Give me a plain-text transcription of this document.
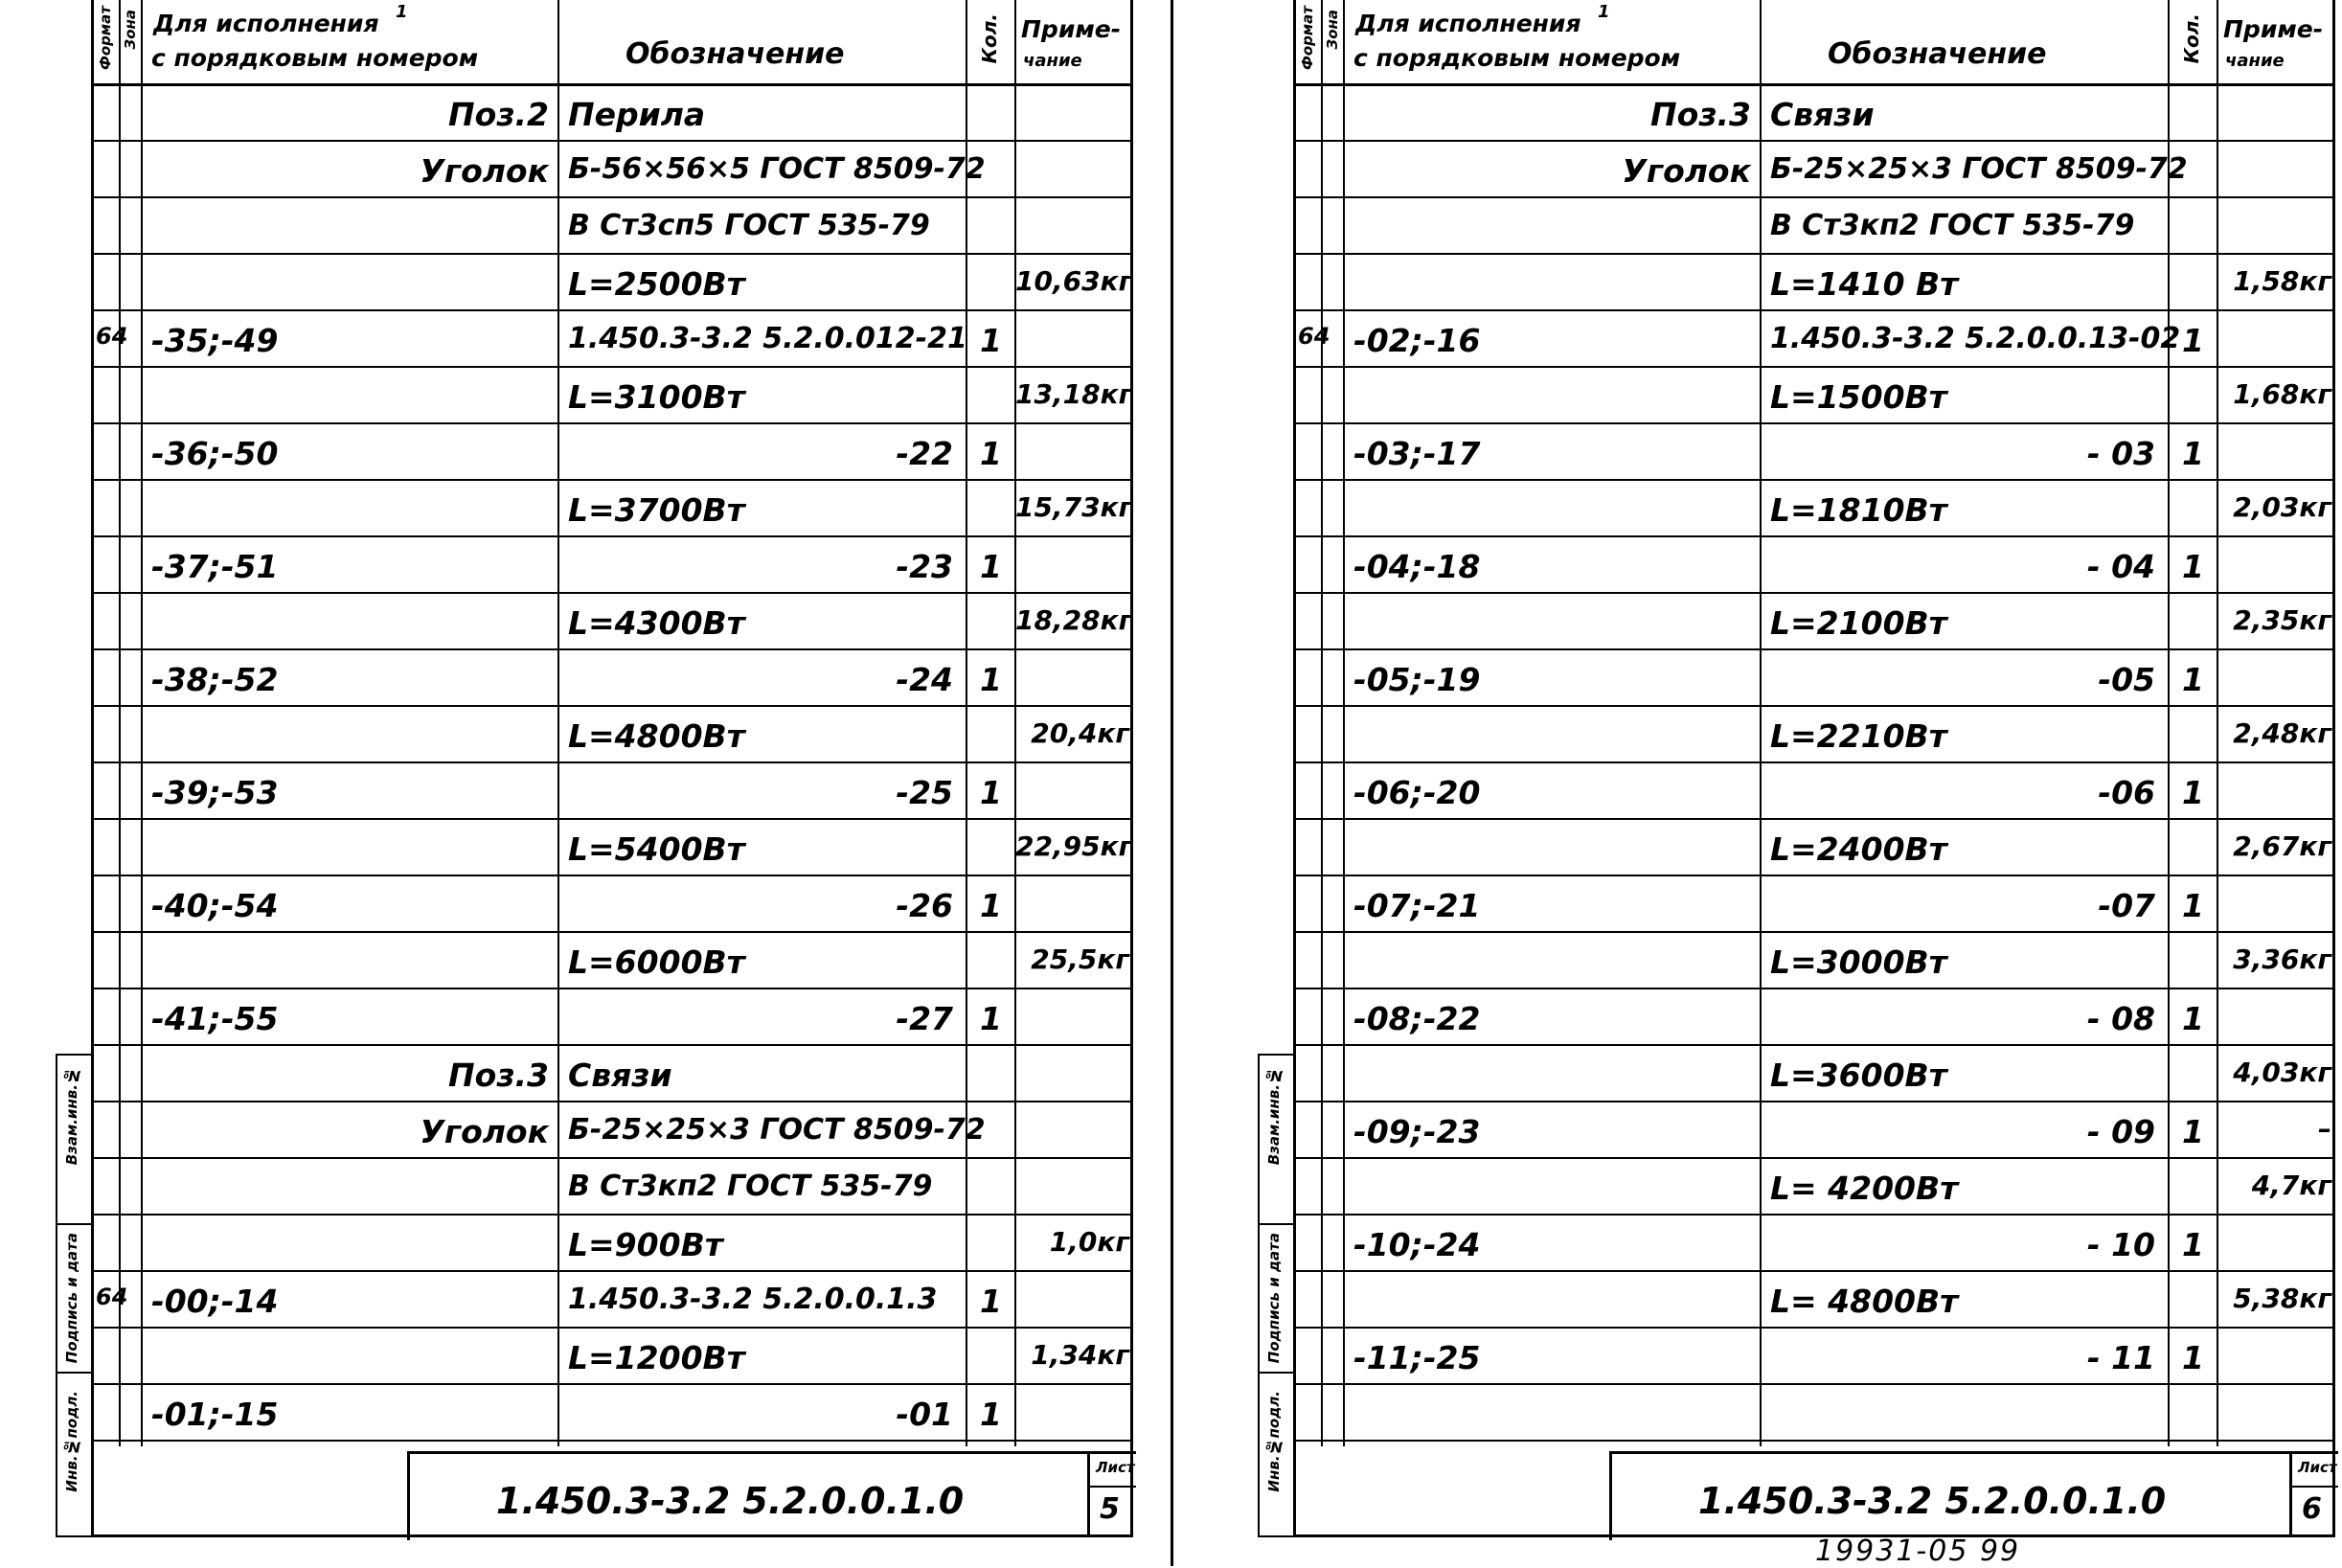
Формат Зона Для исполнения 1
с порядковым номером	Обозначение	Кол. Приме-
чание
Поз.2 Перила
Уголок Б-56×56×5 ГОСТ 8509-72
В Ст3сп5 ГОСТ 535-79
L=2500Вт	10,63кг
64 -35;-49	1.450.3-3.2 5.2.0.012-21 1
L=3100Вт	13,18кг
-36;-50	-22 1
L=3700Вт	15,73кг
-37;-51	-23 1
L=4300Вт	18,28кг
-38;-52	-24 1
L=4800Вт	20,4кг
-39;-53	-25 1
L=5400Вт	22,95кг
-40;-54	-26 1
L=6000Вт	25,5кг
-41;-55	-27 1
Поз.3 Связи
Уголок Б-25×25×3 ГОСТ 8509-72
В Ст3кп2 ГОСТ 535-79
L=900Вт	1,0кг
64 -00;-14	1.450.3-3.2 5.2.0.0.1.3 1
L=1200Вт	1,34кг
-01;-15	-01 1
1.450.3-3.2 5.2.0.0.1.0
Лист
5
Инв.№подл.
Подпись и дата
Взам.инв.№
Формат Зона Для исполнения 1
с порядковым номером	Обозначение	Кол. Приме-
чание
Поз.3 Связи
Уголок Б-25×25×3 ГОСТ 8509-72
В Ст3кп2 ГОСТ 535-79
L=1410 Вт	1,58кг
64 -02;-16	1.450.3-3.2 5.2.0.0.13-02 1
L=1500Вт	1,68кг
-03;-17	- 03 1
L=1810Вт	2,03кг
-04;-18	- 04 1
L=2100Вт	2,35кг
-05;-19	-05 1
L=2210Вт	2,48кг
-06;-20	-06 1
L=2400Вт	2,67кг
-07;-21	-07 1
L=3000Вт	3,36кг
-08;-22	- 08 1
L=3600Вт	4,03кг
-09;-23	- 09 1	–
L= 4200Вт	4,7кг
-10;-24	- 10 1
L= 4800Вт	5,38кг
-11;-25	- 11 1
1.450.3-3.2 5.2.0.0.1.0
Лист
6
Инв.№подл.
Подпись и дата
Взам.инв.№
19931-05 99
